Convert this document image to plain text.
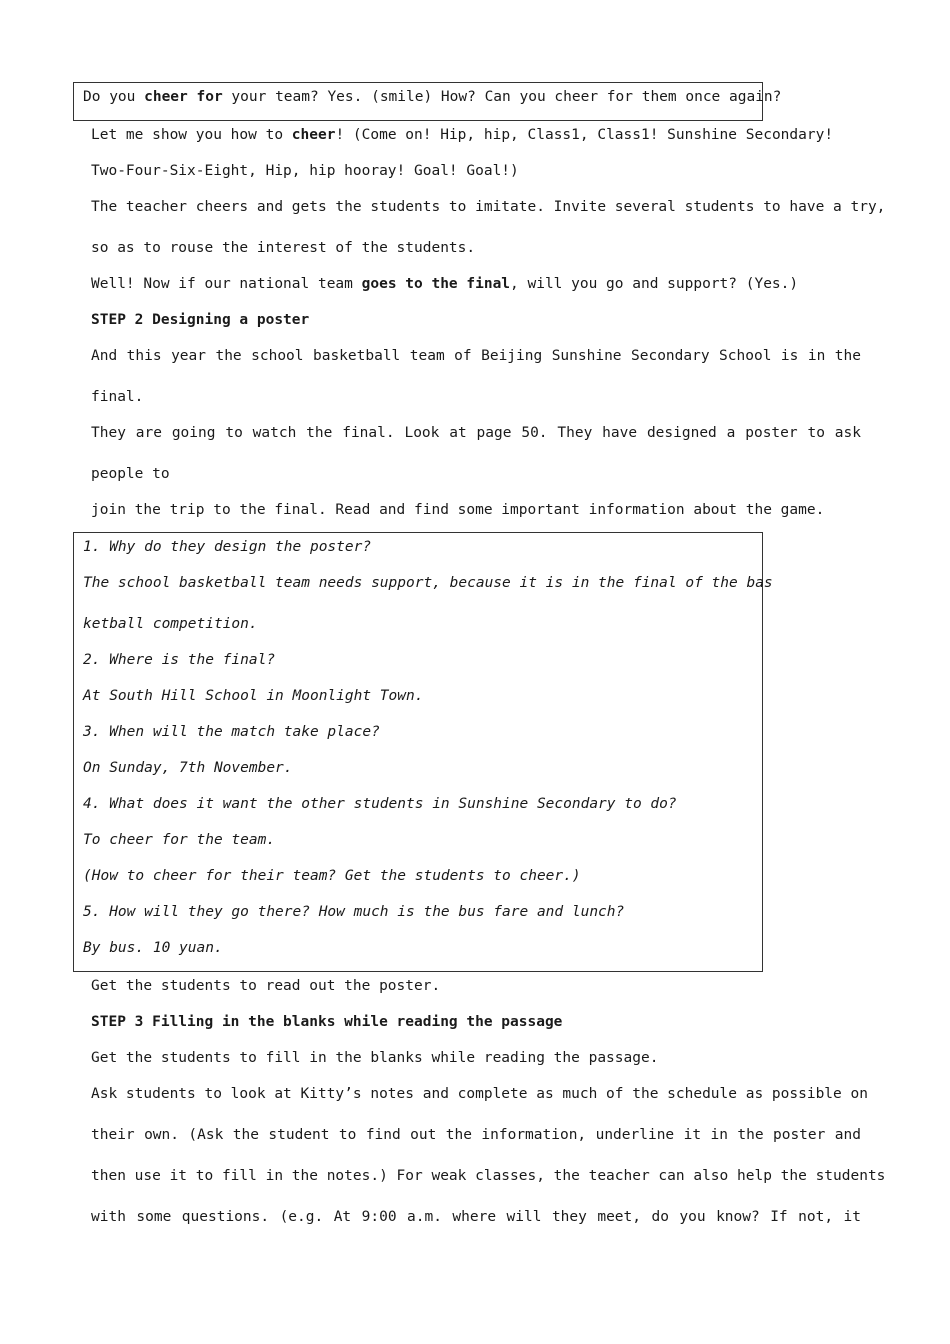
Do you cheer for your team? Yes. (smile) How? Can you cheer for them once again?
Let me show you how to cheer! (Come on! Hip, hip, Class1, Class1! Sunshine Secondary!
Two-Four-Six-Eight, Hip, hip hooray! Goal! Goal!)
The teacher cheers and gets the students to imitate. Invite several students to have a try,
so as to rouse the interest of the students.
Well! Now if our national team goes to the final, will you go and support? (Yes.)
STEP 2 Designing a poster
And this year the school basketball team of Beijing Sunshine Secondary School is in the
final.
They are going to watch the final. Look at page 50. They have designed a poster to ask
people to
join the trip to the final. Read and find some important information about the game.
1. Why do they design the poster?
The school basketball team needs support, because it is in the final of the bas
ketball competition.
2. Where is the final?
At South Hill School in Moonlight Town.
3. When will the match take place?
On Sunday, 7th November.
4. What does it want the other students in Sunshine Secondary to do?
To cheer for the team.
(How to cheer for their team? Get the students to cheer.)
5. How will they go there? How much is the bus fare and lunch?
By bus. 10 yuan.
Get the students to read out the poster.
STEP 3 Filling in the blanks while reading the passage
Get the students to fill in the blanks while reading the passage.
Ask students to look at Kitty’s notes and complete as much of the schedule as possible on
their own. (Ask the student to find out the information, underline it in the poster and
then use it to fill in the notes.) For weak classes, the teacher can also help the students
with some questions. (e.g. At 9:00 a.m. where will they meet, do you know? If not, it
